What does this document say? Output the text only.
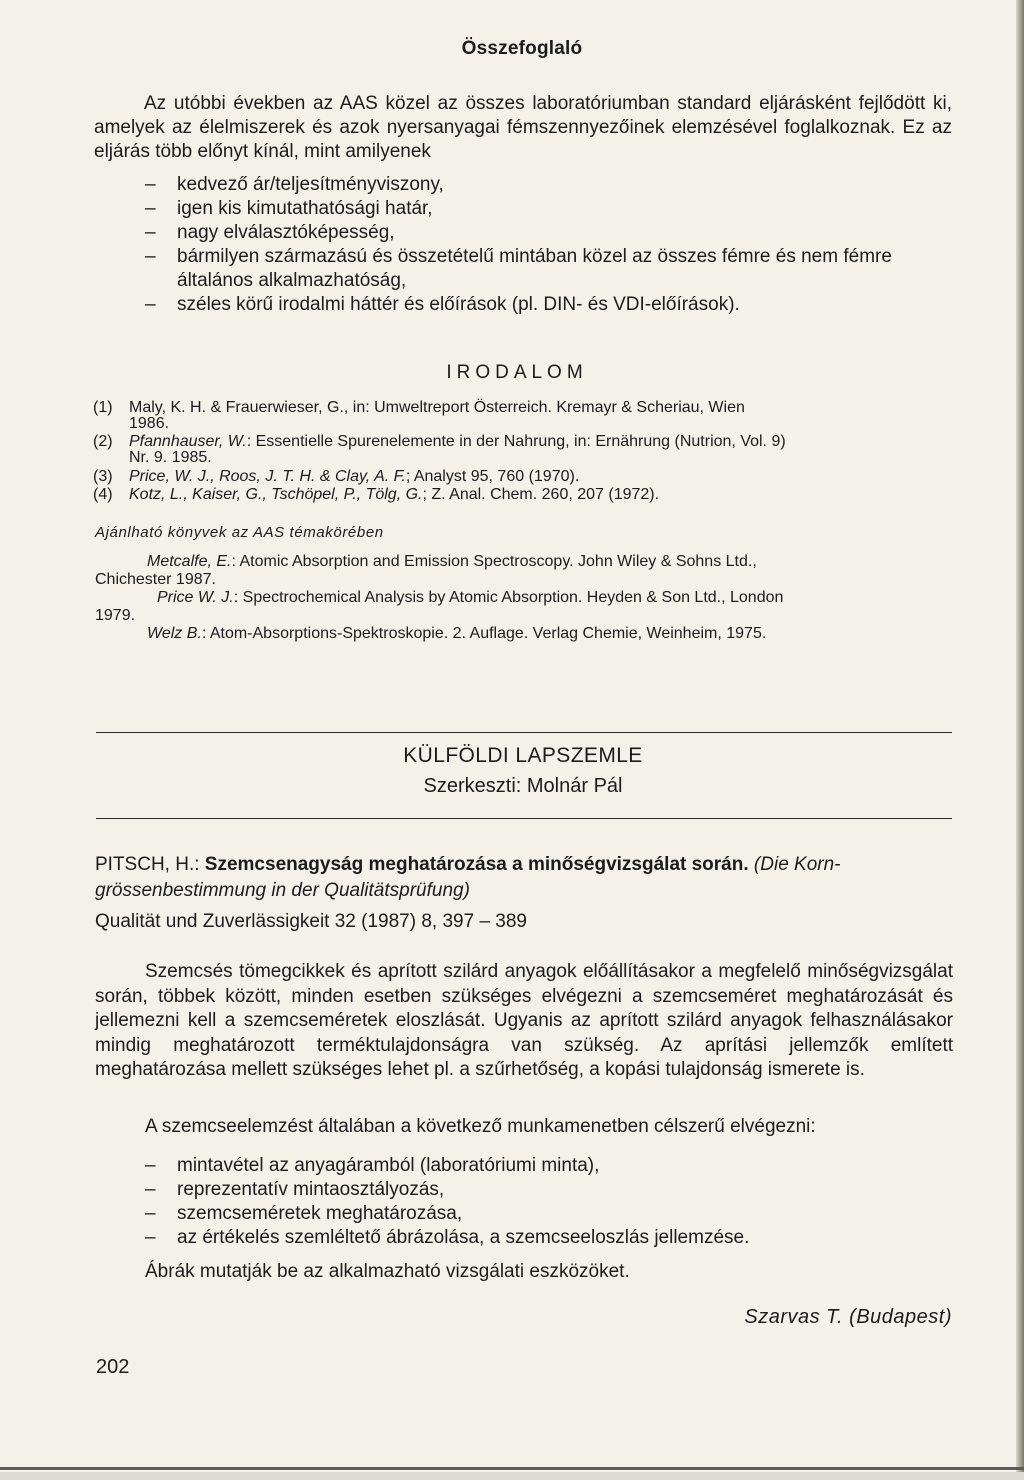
Összefoglaló
Az utóbbi években az AAS közel az összes laboratóriumban standard eljárásként fejlődött ki, amelyek az élelmiszerek és azok nyersanyagai fémszennyezőinek elemzésével foglalkoznak. Ez az eljárás több előnyt kínál, mint amilyenek
– kedvező ár/teljesítményviszony,
– igen kis kimutathatósági határ,
– nagy elválasztóképesség,
– bármilyen származású és összetételű mintában közel az összes fémre és nem fémre általános alkalmazhatóság,
– széles körű irodalmi háttér és előírások (pl. DIN- és VDI-előírások).
IRODALOM
(1) Maly, K. H. & Frauerwieser, G., in: Umweltreport Österreich. Kremayr & Scheriau, Wien
1986.
(2) Pfannhauser, W.: Essentielle Spurenelemente in der Nahrung, in: Ernährung (Nutrion, Vol. 9)
Nr. 9. 1985.
(3) Price, W. J., Roos, J. T. H. & Clay, A. F.; Analyst 95, 760 (1970).
(4) Kotz, L., Kaiser, G., Tschöpel, P., Tölg, G.; Z. Anal. Chem. 260, 207 (1972).
Ajánlható könyvek az AAS témakörében
Metcalfe, E.: Atomic Absorption and Emission Spectroscopy. John Wiley & Sohns Ltd.,
Chichester 1987.
Price W. J.: Spectrochemical Analysis by Atomic Absorption. Heyden & Son Ltd., London
1979.
Welz B.: Atom-Absorptions-Spektroskopie. 2. Auflage. Verlag Chemie, Weinheim, 1975.
KÜLFÖLDI LAPSZEMLE
Szerkeszti: Molnár Pál
PITSCH, H.: Szemcsenagyság meghatározása a minőségvizsgálat során. (Die Korn-
grössenbestimmung in der Qualitätsprüfung)
Qualität und Zuverlässigkeit 32 (1987) 8, 397 – 389
Szemcsés tömegcikkek és aprított szilárd anyagok előállításakor a megfelelő minőségvizsgálat során, többek között, minden esetben szükséges elvégezni a szemcseméret meghatározását és jellemezni kell a szemcseméretek eloszlását. Ugyanis az aprított szilárd anyagok felhasználásakor mindig meghatározott terméktulajdonságra van szükség. Az aprítási jellemzők említett meghatározása mellett szükséges lehet pl. a szűrhetőség, a kopási tulajdonság ismerete is.
A szemcseelemzést általában a következő munkamenetben célszerű elvégezni:
– mintavétel az anyagáramból (laboratóriumi minta),
– reprezentatív mintaosztályozás,
– szemcseméretek meghatározása,
– az értékelés szemléltető ábrázolása, a szemcseeloszlás jellemzése.
Ábrák mutatják be az alkalmazható vizsgálati eszközöket.
Szarvas T. (Budapest)
202
